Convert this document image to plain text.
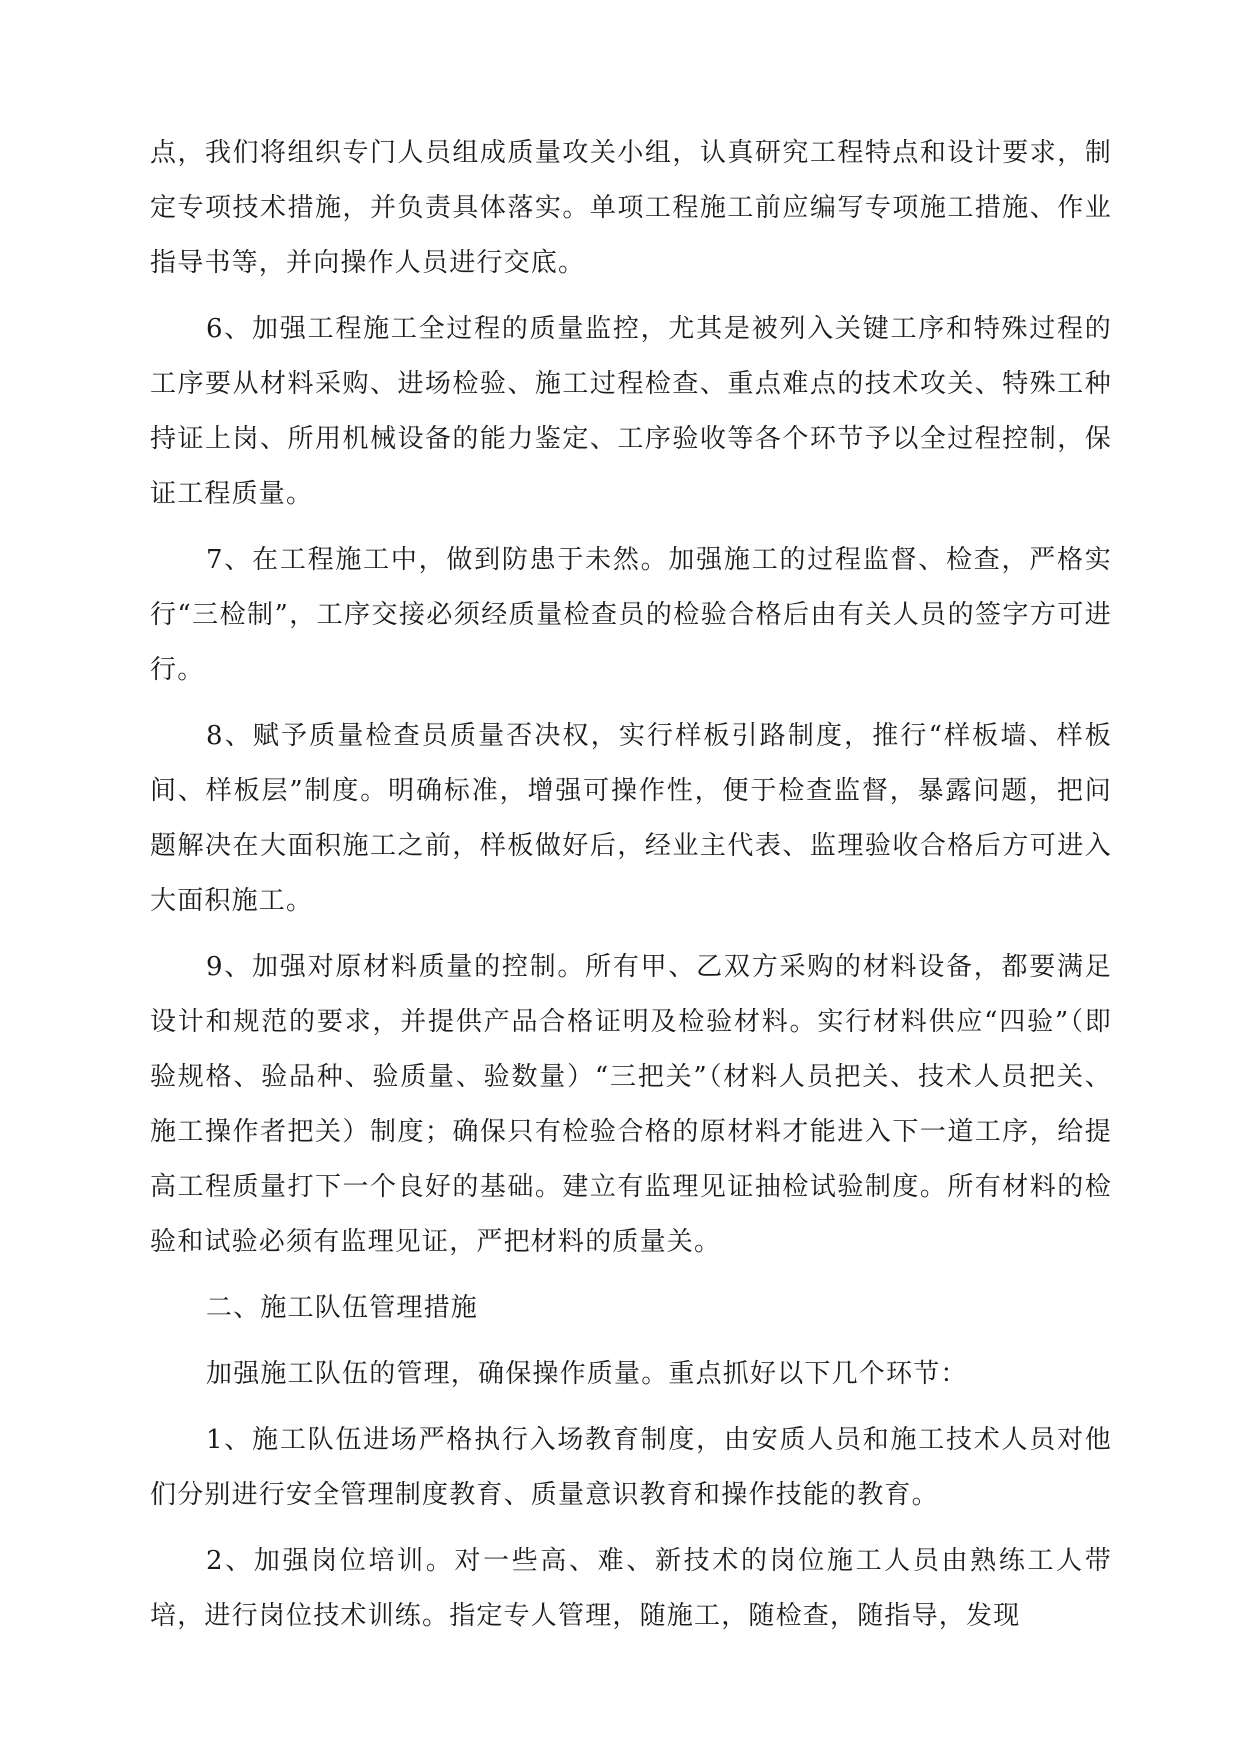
点，我们将组织专门人员组成质量攻关小组，认真研究工程特点和设计要求，制定专项技术措施，并负责具体落实。单项工程施工前应编写专项施工措施、作业指导书等，并向操作人员进行交底。

6、加强工程施工全过程的质量监控，尤其是被列入关键工序和特殊过程的工序要从材料采购、进场检验、施工过程检查、重点难点的技术攻关、特殊工种持证上岗、所用机械设备的能力鉴定、工序验收等各个环节予以全过程控制，保证工程质量。

7、在工程施工中，做到防患于未然。加强施工的过程监督、检查，严格实行“三检制”，工序交接必须经质量检查员的检验合格后由有关人员的签字方可进行。

8、赋予质量检查员质量否决权，实行样板引路制度，推行“样板墙、样板间、样板层”制度。明确标准，增强可操作性，便于检查监督，暴露问题，把问题解决在大面积施工之前，样板做好后，经业主代表、监理验收合格后方可进入大面积施工。

9、加强对原材料质量的控制。所有甲、乙双方采购的材料设备，都要满足设计和规范的要求，并提供产品合格证明及检验材料。实行材料供应“四验”（即验规格、验品种、验质量、验数量）“三把关”（材料人员把关、技术人员把关、施工操作者把关）制度；确保只有检验合格的原材料才能进入下一道工序，给提高工程质量打下一个良好的基础。建立有监理见证抽检试验制度。所有材料的检验和试验必须有监理见证，严把材料的质量关。

二、施工队伍管理措施

加强施工队伍的管理，确保操作质量。重点抓好以下几个环节：

1、施工队伍进场严格执行入场教育制度，由安质人员和施工技术人员对他们分别进行安全管理制度教育、质量意识教育和操作技能的教育。

2、加强岗位培训。对一些高、难、新技术的岗位施工人员由熟练工人带培，进行岗位技术训练。指定专人管理，随施工，随检查，随指导，发现
